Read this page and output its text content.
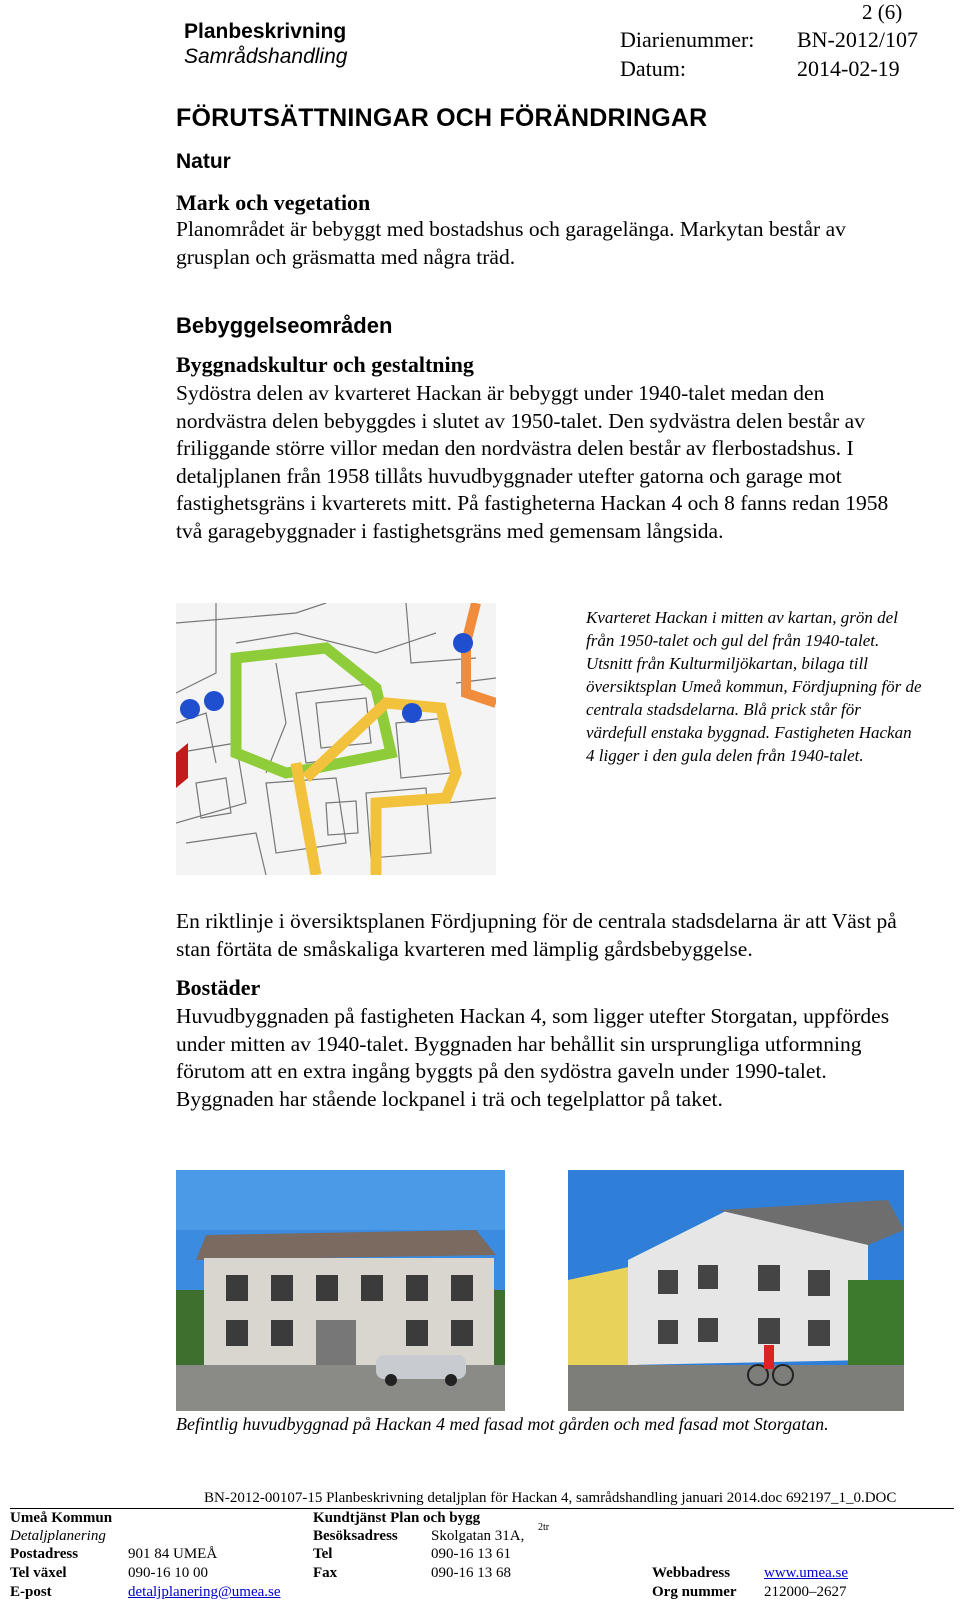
Planbeskrivning
Samrådshandling
2 (6)
Diarienummer: BN-2012/107
Datum:	2014-02-19
FÖRUTSÄTTNINGAR OCH FÖRÄNDRINGAR
Natur
Mark och vegetation

Planområdet är bebyggt med bostadshus och garagelänga. Markytan består av grusplan och gräsmatta med några träd.

Bebyggelseområden
Byggnadskultur och gestaltning

Sydöstra delen av kvarteret Hackan är bebyggt under 1940-talet medan den nordvästra delen bebyggdes i slutet av 1950-talet. Den sydvästra delen består av friliggande större villor medan den nordvästra delen består av flerbostadshus. I detaljplanen från 1958 tillåts huvudbyggnader utefter gatorna och garage mot fastighetsgräns i kvarterets mitt. På fastigheterna Hackan 4 och 8 fanns redan 1958 två garagebyggnader i fastighetsgräns med gemensam långsida.

Kvarteret Hackan i mitten av kartan, grön del från 1950-talet och gul del från 1940-talet. Utsnitt från Kulturmiljökartan, bilaga till översiktsplan Umeå kommun, Fördjupning för de centrala stadsdelarna. Blå prick står för värdefull enstaka byggnad. Fastigheten Hackan 4 ligger i den gula delen från 1940-talet.

En riktlinje i översiktsplanen Fördjupning för de centrala stadsdelarna är att Väst på stan förtäta de småskaliga kvarteren med lämplig gårdsbebyggelse.

Bostäder

Huvudbyggnaden på fastigheten Hackan 4, som ligger utefter Storgatan, uppfördes under mitten av 1940-talet. Byggnaden har behållit sin ursprungliga utformning förutom att en extra ingång byggts på den sydöstra gaveln under 1990-talet. Byggnaden har stående lockpanel i trä och tegelplattor på taket.

Befintlig huvudbyggnad på Hackan 4 med fasad mot gården och med fasad mot Storgatan.

BN-2012-00107-15 Planbeskrivning detaljplan för Hackan 4, samrådshandling januari 2014.doc 692197_1_0.DOC
Umeå Kommun
Detaljplanering
Postadress	901 84 UMEÅ
Tel växel	090-16 10 00
E-post	detaljplanering@umea.se
Kundtjänst Plan och bygg
Besöksadress Skolgatan 31A,
2tr
Tel	090-16 13 61
Fax	090-16 13 68	Webbadress www.umea.se
Org nummer 212000–2627
